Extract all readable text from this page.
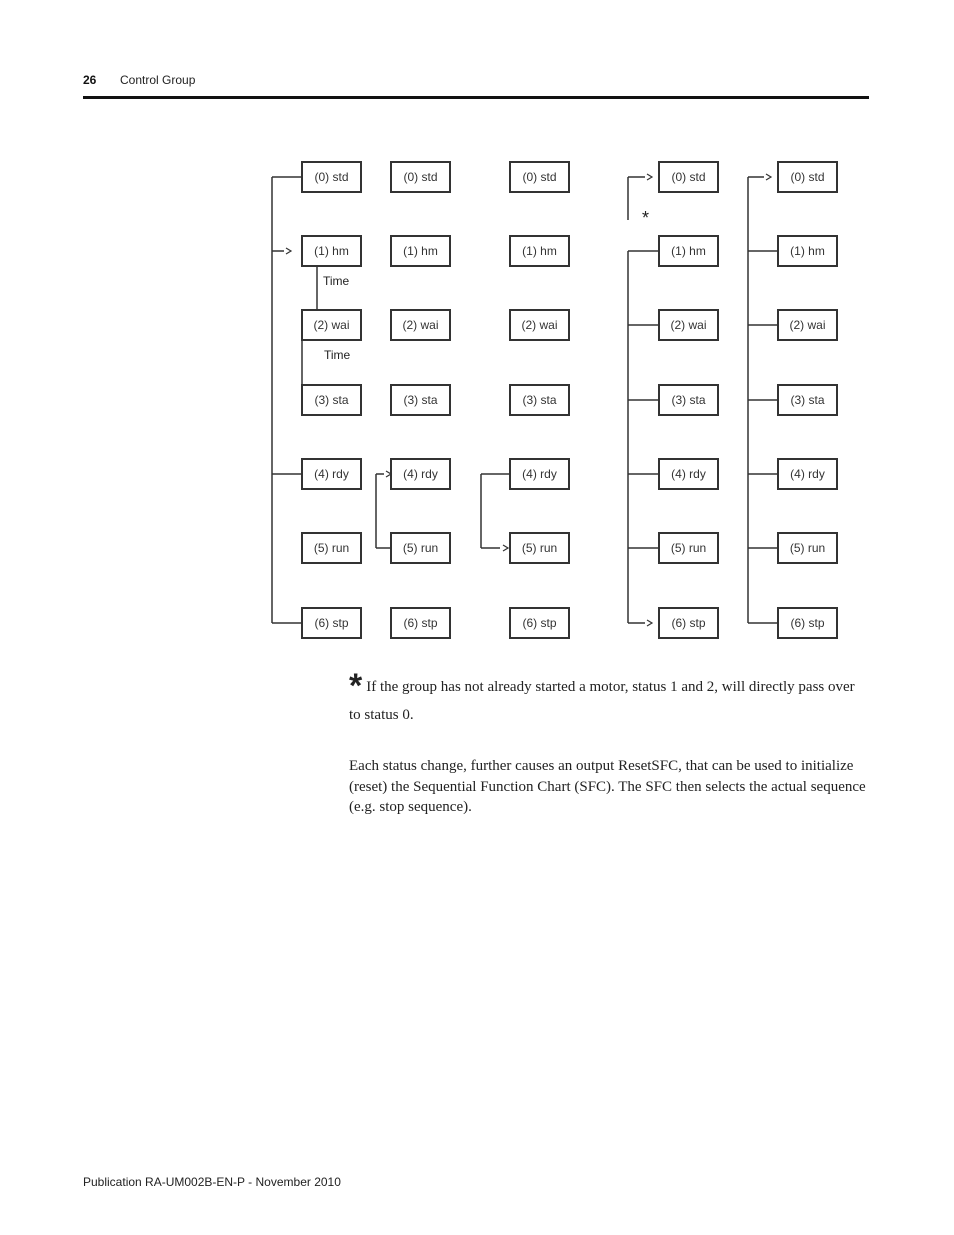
26 Control Group
(0) std
(1) hm
(2) wai
(3) sta
(4) rdy
(5) run
(6) stp
(0) std
(1) hm
(2) wai
(3) sta
(4) rdy
(5) run
(6) stp
(0) std
(1) hm
(2) wai
(3) sta
(4) rdy
(5) run
(6) stp
(0) std
(1) hm
(2) wai
(3) sta
(4) rdy
(5) run
(6) stp
(0) std
(1) hm
(2) wai
(3) sta
(4) rdy
(5) run
(6) stp
Time
Time
*
* If the group has not already started a motor, status 1 and 2, will directly pass over to status 0.
Each status change, further causes an output ResetSFC, that can be used to initialize (reset) the Sequential Function Chart (SFC). The SFC then selects the actual sequence (e.g. stop sequence).
Publication RA-UM002B-EN-P - November 2010
